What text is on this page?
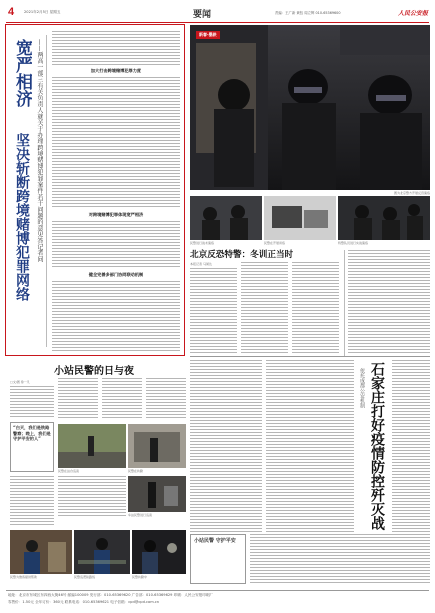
4	2021年2月5日 星期五	要闻	责编：王广新 黄钰 周立辉 010-65369600	人民公安报
宽严相济
坚决斩断跨境赌博犯罪网络 ——两高一部三有关负责人就关于办理跨境赌博犯罪案件若干问题的意见答记者问	加大打击跨境赌博犯罪力度
对跨境赌博犯罪体现宽严相济
健全完善多部门协同联动机制
新春·暴跌
图为北京警方开展反恐演练
民警进行战术演练	民警在开展训练	特警队员进行实战演练
北京反恐特警：冬训正当时
本报记者 马闻达
依托成都公安机制 石家庄打好疫情防控歼灭战
小站民警的日与夜
□文/图 徐一凡
“白天，我们是铁路警察；晚上，我们是守护平安的人”
民警在站台巡查	民警在执勤
车站民警进行巡查
民警为旅客提供帮助	民警巡逻铁路线	民警执勤中
小站民警 守护平安
地址：北京市东城区东四西大街46号 邮编100009 发行部：010-65369620 广告部：010-65369629 印刷：人民公安报印刷厂
零售价：1.50元 全年订价：360元 联系电话：010-65369621 电子信箱：cpd@cpd.com.cn
